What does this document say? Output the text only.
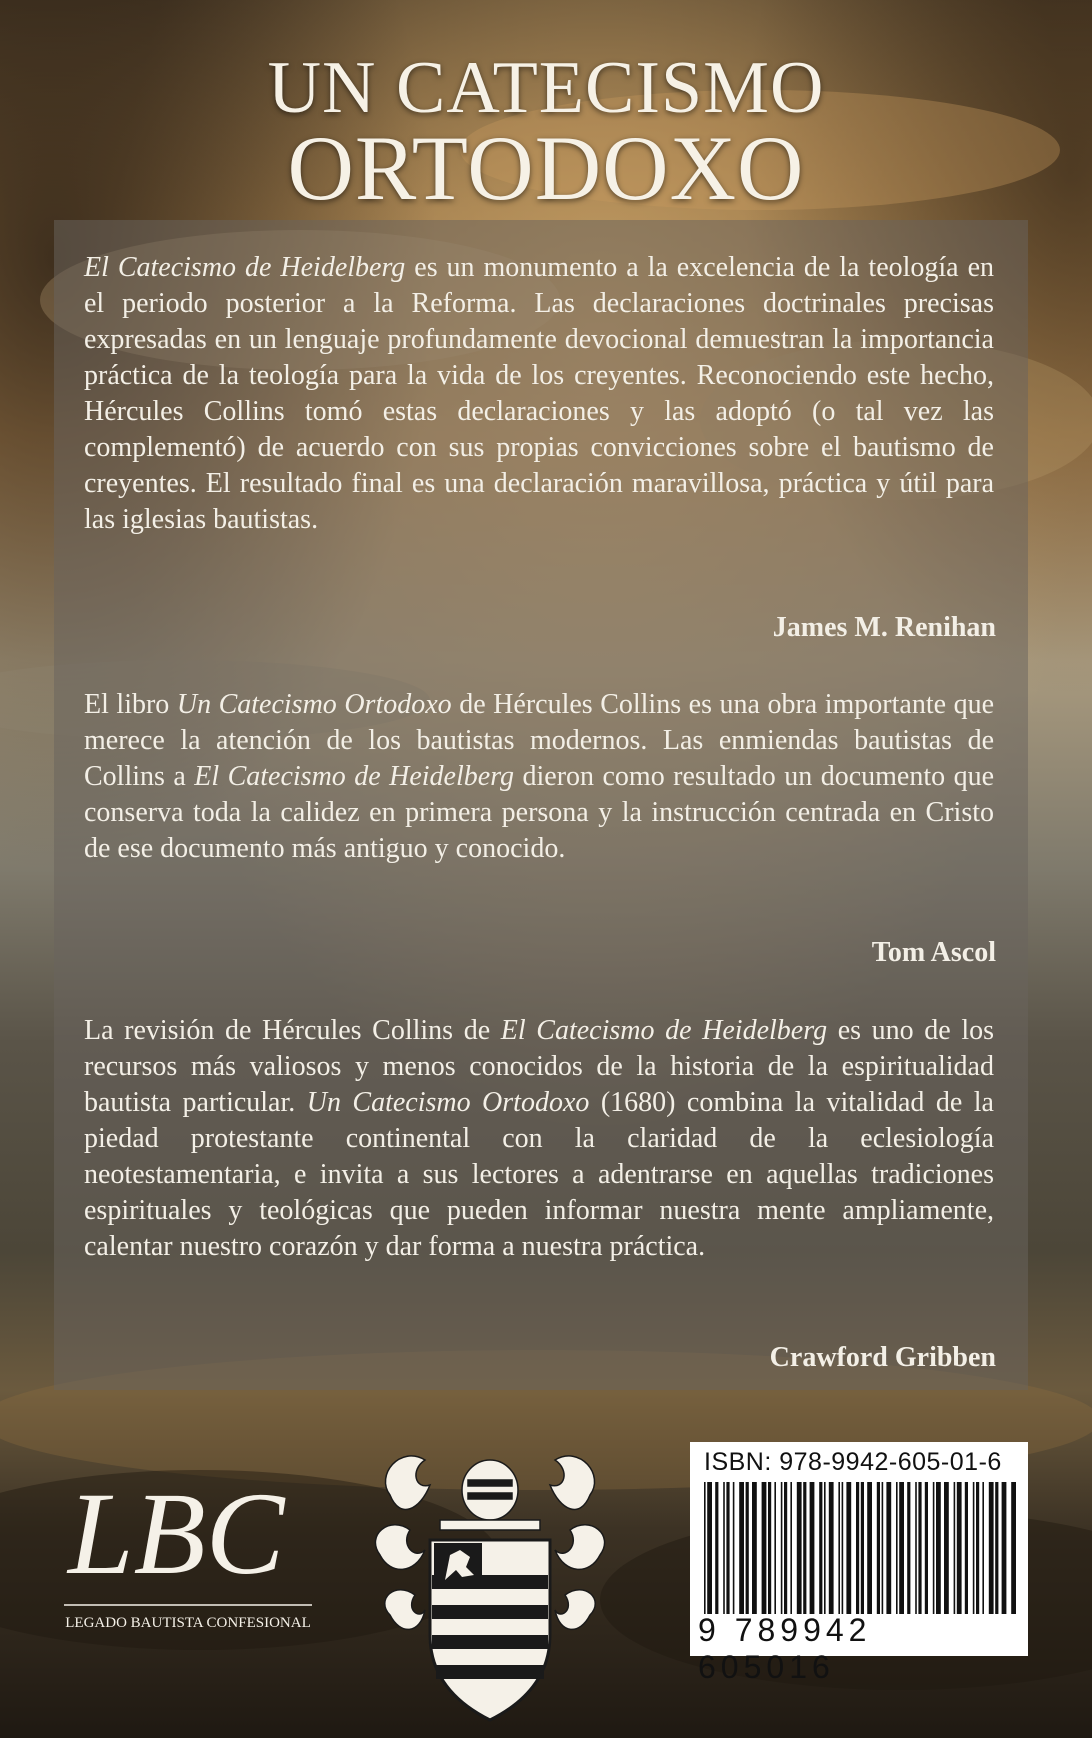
UN CATECISMO
ORTODOXO

El Catecismo de Heidelberg es un monumento a la excelencia de la teología en el periodo posterior a la Reforma. Las declaraciones doctrinales precisas expresadas en un lenguaje profundamente devocional demuestran la importancia práctica de la teología para la vida de los creyentes. Reconociendo este hecho, Hércules Collins tomó estas declaraciones y las adoptó (o tal vez las complementó) de acuerdo con sus propias convicciones sobre el bautismo de creyentes. El resultado final es una declaración maravillosa, práctica y útil para las iglesias bautistas.

James M. Renihan

El libro Un Catecismo Ortodoxo de Hércules Collins es una obra importante que merece la atención de los bautistas modernos. Las enmiendas bautistas de Collins a El Catecismo de Heidelberg dieron como resultado un documento que conserva toda la calidez en primera persona y la instrucción centrada en Cristo de ese documento más antiguo y conocido.

Tom Ascol

La revisión de Hércules Collins de El Catecismo de Heidelberg es uno de los recursos más valiosos y menos conocidos de la historia de la espiritualidad bautista particular. Un Catecismo Ortodoxo (1680) combina la vitalidad de la piedad protestante continental con la claridad de la eclesiología neotestamentaria, e invita a sus lectores a adentrarse en aquellas tradiciones espirituales y teológicas que pueden informar nuestra mente ampliamente, calentar nuestro corazón y dar forma a nuestra práctica.

Crawford Gribben
LBC
LEGADO BAUTISTA CONFESIONAL
ISBN: 978-9942-605-01-6
9 789942 605016
